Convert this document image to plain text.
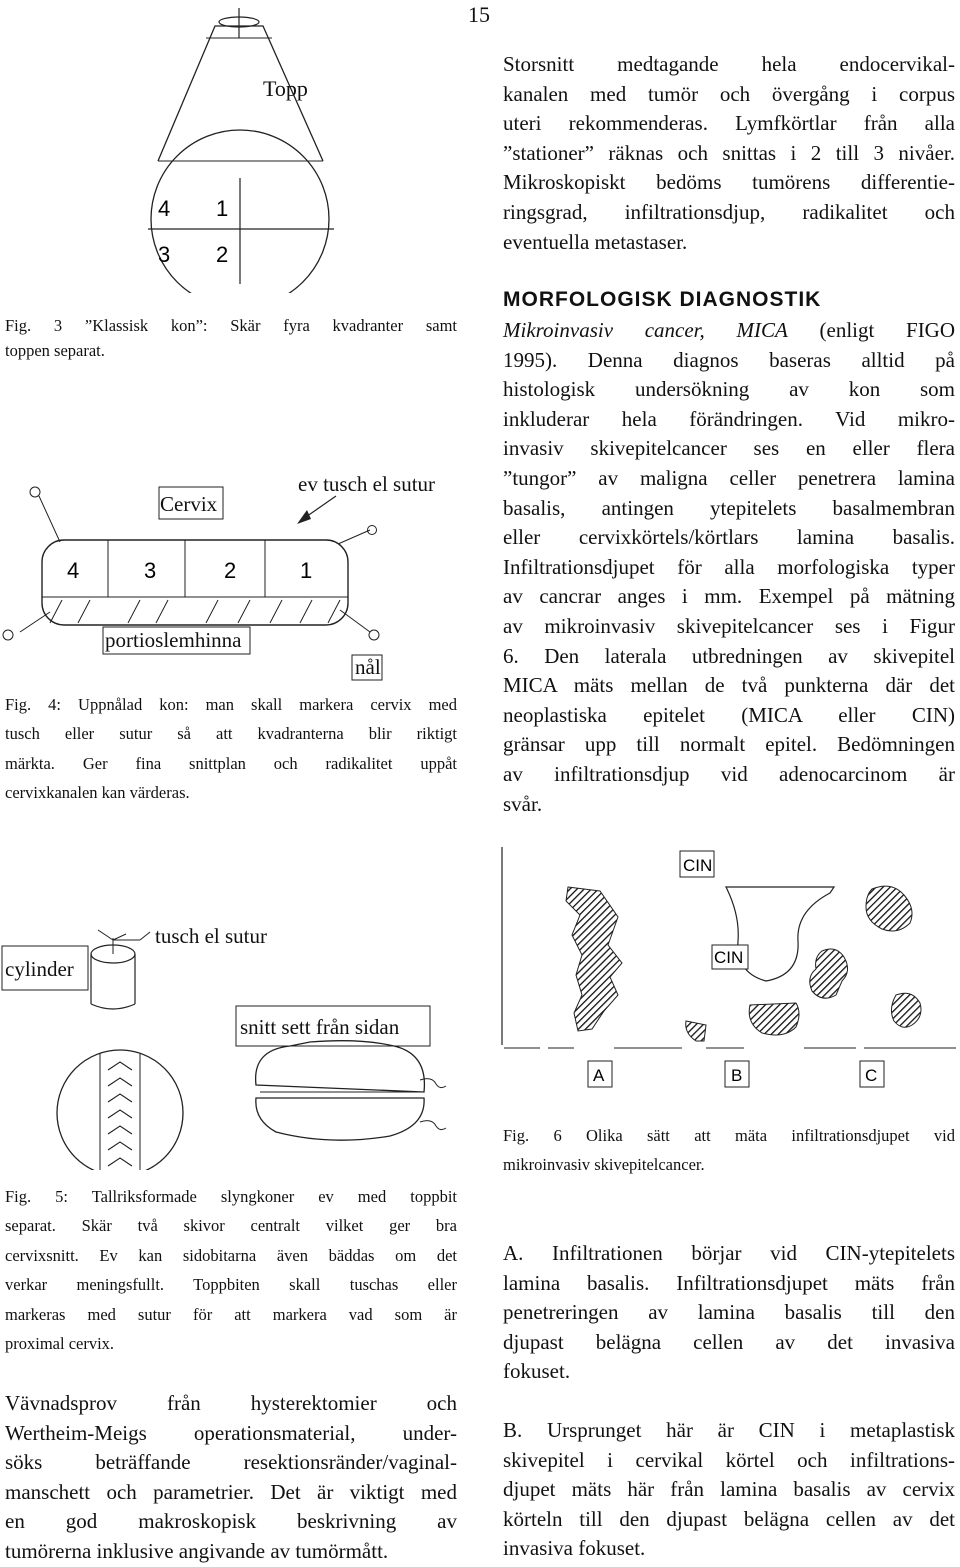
15
4 1
3 2
Topp
Fig. 3 ”Klassisk kon”: Skär fyra kvadranter samt
toppen separat.
4	3	2	1
Cervix
ev tusch el sutur
portioslemhinna
nål
Fig. 4: Uppnålad kon: man skall markera cervix med
tusch eller sutur så att kvadranterna blir riktigt
märkta. Ger fina snittplan och radikalitet uppåt
cervixkanalen kan värderas.
cylinder
tusch el sutur
snitt sett från sidan
Fig. 5: Tallriksformade slyngkoner ev med toppbit
separat. Skär två skivor centralt vilket ger bra
cervixsnitt. Ev kan sidobitarna även bäddas om det
verkar meningsfullt. Toppbiten skall tuschas eller
markeras med sutur för att markera vad som är
proximal cervix.
Vävnadsprov från hysterektomier och
Wertheim-Meigs operationsmaterial, under-
söks beträffande resektionsränder/vaginal-
manschett och parametrier. Det är viktigt med
en god makroskopisk beskrivning av
tumörerna inklusive angivande av tumörmått.
Storsnitt medtagande hela endocervikal-
kanalen med tumör och övergång i corpus
uteri rekommenderas. Lymfkörtlar från alla
”stationer” räknas och snittas i 2 till 3 nivåer.
Mikroskopiskt bedöms tumörens differentie-
ringsgrad, infiltrationsdjup, radikalitet och
eventuella metastaser.
MORFOLOGISK DIAGNOSTIK
Mikroinvasiv cancer, MICA (enligt FIGO
1995). Denna diagnos baseras alltid på
histologisk undersökning av kon som
inkluderar hela förändringen. Vid mikro-
invasiv skivepitelcancer ses en eller flera
”tungor” av maligna celler penetrera lamina
basalis, antingen ytepitelets basalmembran
eller cervixkörtels/körtlars lamina basalis.
Infiltrationsdjupet för alla morfologiska typer
av cancrar anges i mm. Exempel på mätning
av mikroinvasiv skivepitelcancer ses i Figur
6. Den laterala utbredningen av skivepitel
MICA mäts mellan de två punkterna där det
neoplastiska epitelet (MICA eller CIN)
gränsar upp till normalt epitel. Bedömningen
av infiltrationsdjup vid adenocarcinom är
svår.
CIN
CIN
A	B	C
Fig. 6 Olika sätt att mäta infiltrationsdjupet vid
mikroinvasiv skivepitelcancer.
A. Infiltrationen börjar vid CIN-ytepitelets
lamina basalis. Infiltrationsdjupet mäts från
penetreringen av lamina basalis till den
djupast belägna cellen av det invasiva
fokuset.
B. Ursprunget här är CIN i metaplastisk
skivepitel i cervikal körtel och infiltrations-
djupet mäts här från lamina basalis av cervix
körteln till den djupast belägna cellen av det
invasiva fokuset.
